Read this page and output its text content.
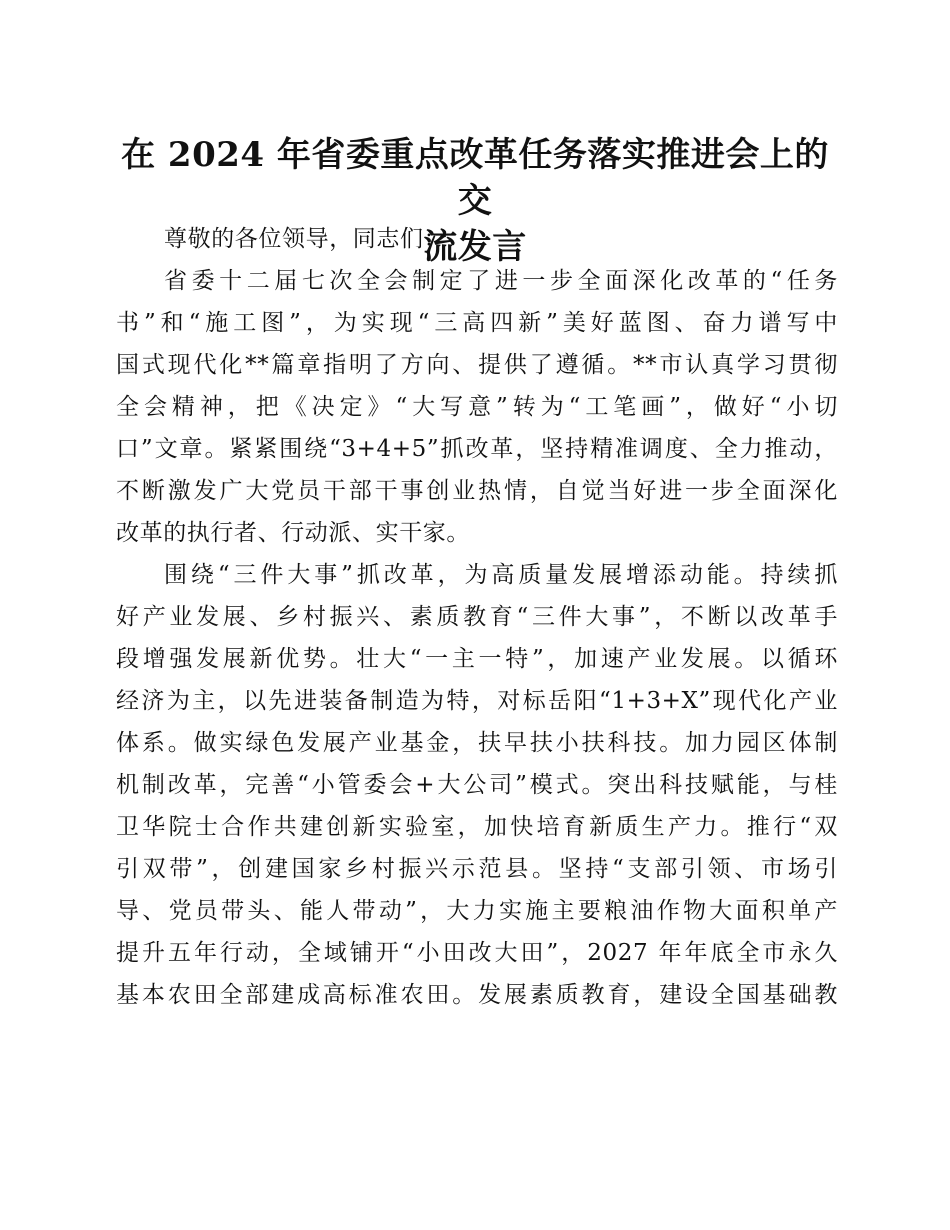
在 2024 年省委重点改革任务落实推进会上的交
流发言
尊敬的各位领导，同志们：
省委十二届七次全会制定了进一步全面深化改革的“任务
书”和“施工图”，为实现“三高四新”美好蓝图、奋力谱写中
国式现代化**篇章指明了方向、提供了遵循。**市认真学习贯彻
全会精神，把《决定》“大写意”转为“工笔画”，做好“小切
口”文章。紧紧围绕“3+4+5”抓改革，坚持精准调度、全力推动，
不断激发广大党员干部干事创业热情，自觉当好进一步全面深化
改革的执行者、行动派、实干家。
围绕“三件大事”抓改革，为高质量发展增添动能。持续抓
好产业发展、乡村振兴、素质教育“三件大事”，不断以改革手
段增强发展新优势。壮大“一主一特”，加速产业发展。以循环
经济为主，以先进装备制造为特，对标岳阳“1+3+X”现代化产业
体系。做实绿色发展产业基金，扶早扶小扶科技。加力园区体制
机制改革，完善“小管委会+大公司”模式。突出科技赋能，与桂
卫华院士合作共建创新实验室，加快培育新质生产力。推行“双
引双带”，创建国家乡村振兴示范县。坚持“支部引领、市场引
导、党员带头、能人带动”，大力实施主要粮油作物大面积单产
提升五年行动，全域铺开“小田改大田”，2027 年年底全市永久
基本农田全部建成高标准农田。发展素质教育，建设全国基础教
